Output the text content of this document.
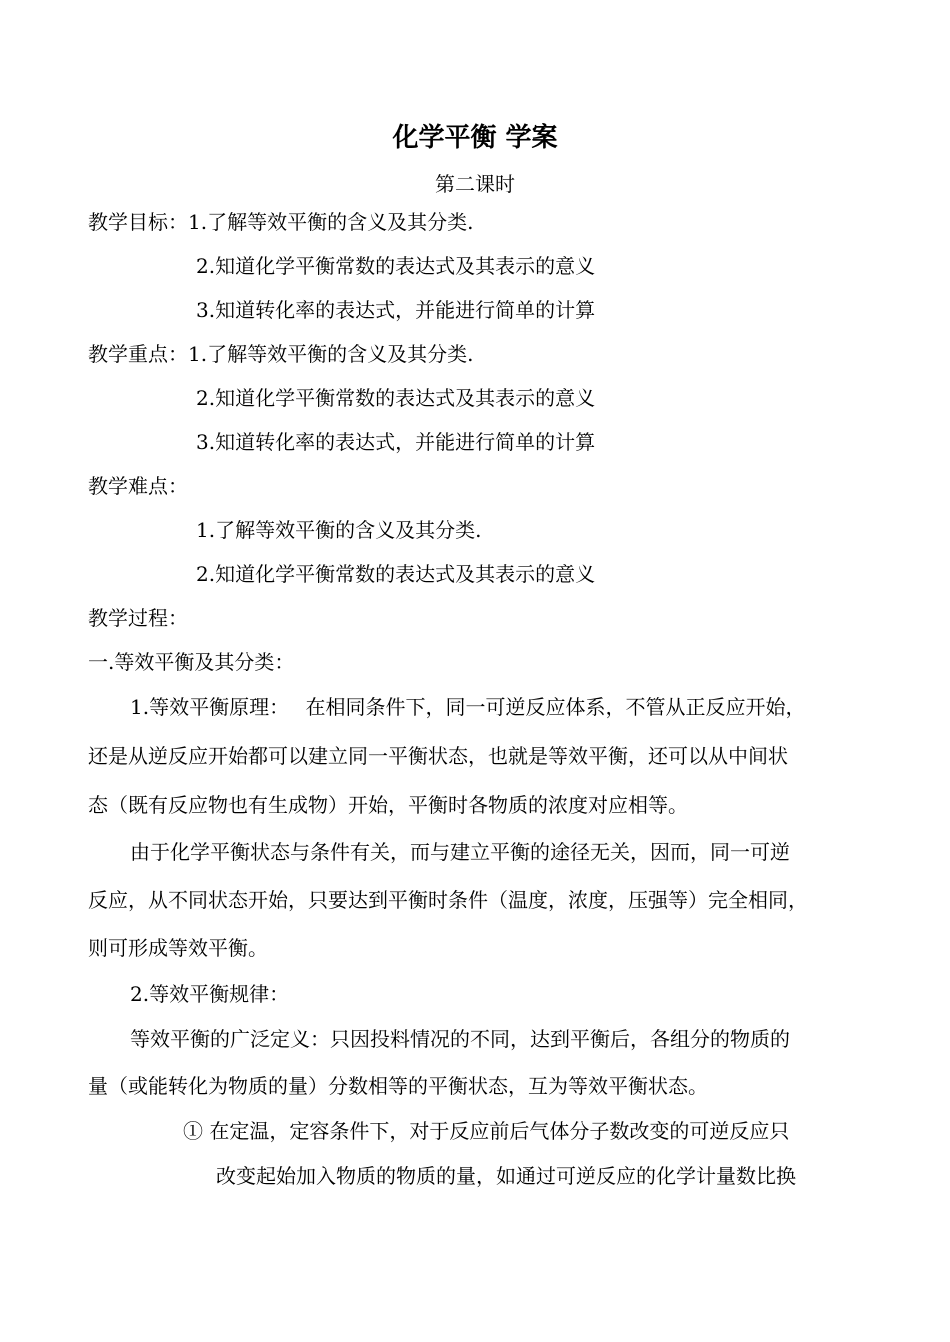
化学平衡 学案
第二课时
教学目标：1.了解等效平衡的含义及其分类.
2.知道化学平衡常数的表达式及其表示的意义
3.知道转化率的表达式，并能进行简单的计算
教学重点：1.了解等效平衡的含义及其分类.
2.知道化学平衡常数的表达式及其表示的意义
3.知道转化率的表达式，并能进行简单的计算
教学难点：
1.了解等效平衡的含义及其分类.
2.知道化学平衡常数的表达式及其表示的意义
教学过程：
一.等效平衡及其分类：
1.等效平衡原理：　 在相同条件下，同一可逆反应体系，不管从正反应开始，
还是从逆反应开始都可以建立同一平衡状态，也就是等效平衡，还可以从中间状
态（既有反应物也有生成物）开始，平衡时各物质的浓度对应相等。
由于化学平衡状态与条件有关，而与建立平衡的途径无关，因而，同一可逆
反应，从不同状态开始，只要达到平衡时条件（温度，浓度，压强等）完全相同，
则可形成等效平衡。
2.等效平衡规律：
等效平衡的广泛定义：只因投料情况的不同，达到平衡后，各组分的物质的
量（或能转化为物质的量）分数相等的平衡状态，互为等效平衡状态。
① 在定温，定容条件下，对于反应前后气体分子数改变的可逆反应只
改变起始加入物质的物质的量，如通过可逆反应的化学计量数比换
